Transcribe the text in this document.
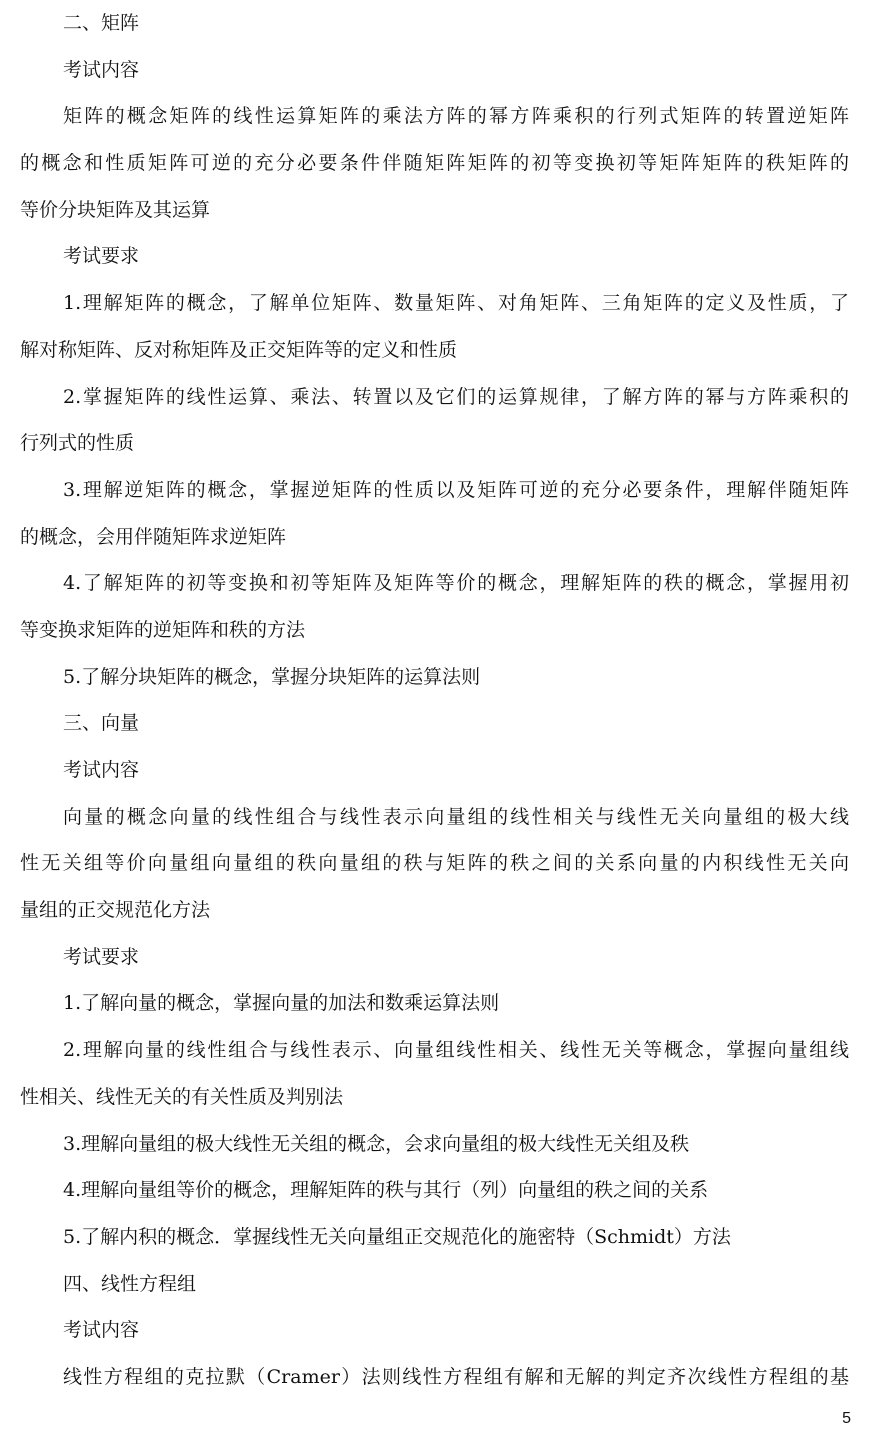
二、矩阵
考试内容
矩阵的概念矩阵的线性运算矩阵的乘法方阵的幂方阵乘积的行列式矩阵的转置逆矩阵
的概念和性质矩阵可逆的充分必要条件伴随矩阵矩阵的初等变换初等矩阵矩阵的秩矩阵的
等价分块矩阵及其运算
考试要求
1.理解矩阵的概念，了解单位矩阵、数量矩阵、对角矩阵、三角矩阵的定义及性质，了
解对称矩阵、反对称矩阵及正交矩阵等的定义和性质
2.掌握矩阵的线性运算、乘法、转置以及它们的运算规律，了解方阵的幂与方阵乘积的
行列式的性质
3.理解逆矩阵的概念，掌握逆矩阵的性质以及矩阵可逆的充分必要条件，理解伴随矩阵
的概念，会用伴随矩阵求逆矩阵
4.了解矩阵的初等变换和初等矩阵及矩阵等价的概念，理解矩阵的秩的概念，掌握用初
等变换求矩阵的逆矩阵和秩的方法
5.了解分块矩阵的概念，掌握分块矩阵的运算法则
三、向量
考试内容
向量的概念向量的线性组合与线性表示向量组的线性相关与线性无关向量组的极大线
性无关组等价向量组向量组的秩向量组的秩与矩阵的秩之间的关系向量的内积线性无关向
量组的正交规范化方法
考试要求
1.了解向量的概念，掌握向量的加法和数乘运算法则
2.理解向量的线性组合与线性表示、向量组线性相关、线性无关等概念，掌握向量组线
性相关、线性无关的有关性质及判别法
3.理解向量组的极大线性无关组的概念，会求向量组的极大线性无关组及秩
4.理解向量组等价的概念，理解矩阵的秩与其行（列）向量组的秩之间的关系
5.了解内积的概念．掌握线性无关向量组正交规范化的施密特（Schmidt）方法
四、线性方程组
考试内容
线性方程组的克拉默（Cramer）法则线性方程组有解和无解的判定齐次线性方程组的基
5
